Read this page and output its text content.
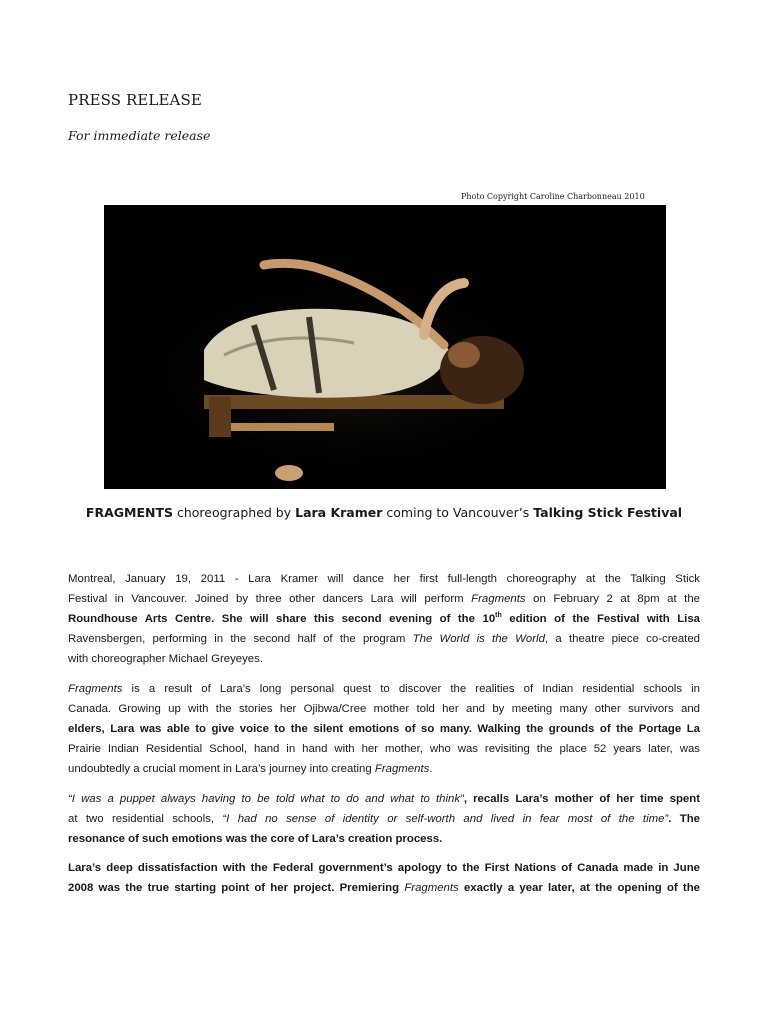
PRESS RELEASE
For immediate release
Photo Copyright Caroline Charbonneau 2010
FRAGMENTS choreographed by Lara Kramer coming to Vancouver’s Talking Stick Festival

Montreal, January 19, 2011 - Lara Kramer will dance her first full-length choreography at the Talking Stick
Festival in Vancouver. Joined by three other dancers Lara will perform Fragments on February 2 at 8pm at the
Roundhouse Arts Centre. She will share this second evening of the 10th edition of the Festival with Lisa
Ravensbergen, performing in the second half of the program The World is the World, a theatre piece co-created
with choreographer Michael Greyeyes.

Fragments is a result of Lara’s long personal quest to discover the realities of Indian residential schools in
Canada. Growing up with the stories her Ojibwa/Cree mother told her and by meeting many other survivors and
elders, Lara was able to give voice to the silent emotions of so many. Walking the grounds of the Portage La
Prairie Indian Residential School, hand in hand with her mother, who was revisiting the place 52 years later, was
undoubtedly a crucial moment in Lara’s journey into creating Fragments.

“I was a puppet always having to be told what to do and what to think”, recalls Lara’s mother of her time spent
at two residential schools, “I had no sense of identity or self-worth and lived in fear most of the time”. The
resonance of such emotions was the core of Lara’s creation process.

Lara’s deep dissatisfaction with the Federal government’s apology to the First Nations of Canada made in June
2008 was the true starting point of her project. Premiering Fragments exactly a year later, at the opening of the
